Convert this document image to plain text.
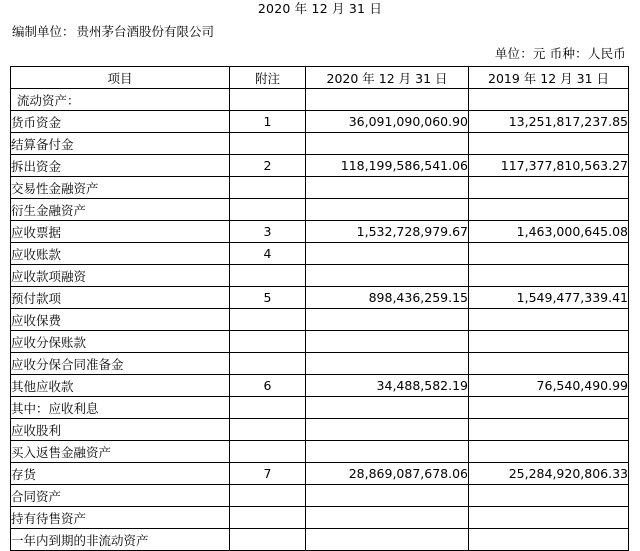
2020 年 12 月 31 日
编制单位： 贵州茅台酒股份有限公司
单位：元 币种：人民币
项目	附注	2020 年 12 月 31 日	2019 年 12 月 31 日
流动资产：			
货币资金	1	36,091,090,060.90	13,251,817,237.85
结算备付金			
拆出资金	2	118,199,586,541.06	117,377,810,563.27
交易性金融资产			
衍生金融资产			
应收票据	3	1,532,728,979.67	1,463,000,645.08
应收账款	4		
应收款项融资			
预付款项	5	898,436,259.15	1,549,477,339.41
应收保费			
应收分保账款			
应收分保合同准备金			
其他应收款	6	34,488,582.19	76,540,490.99
其中：应收利息			
应收股利			
买入返售金融资产			
存货	7	28,869,087,678.06	25,284,920,806.33
合同资产			
持有待售资产			
一年内到期的非流动资产			
